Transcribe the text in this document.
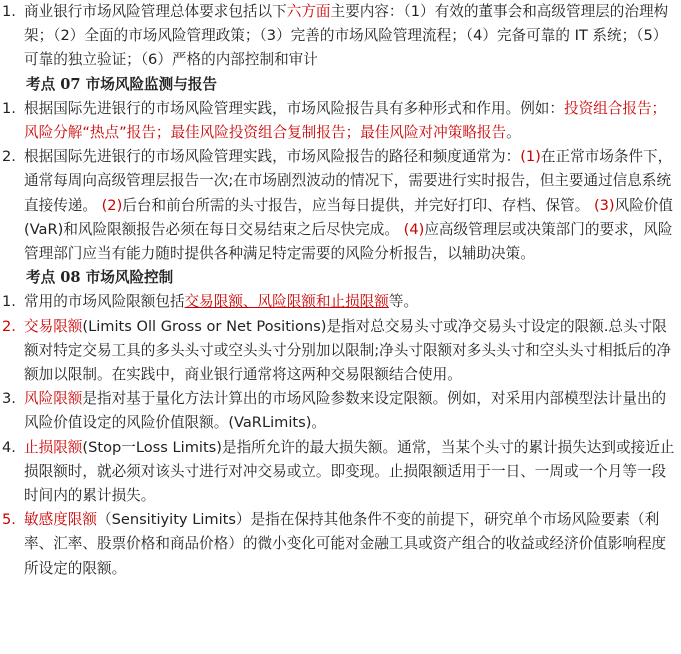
1. 商业银行市场风险管理总体要求包括以下六方面主要内容：（1）有效的董事会和高级管理层的治理构架；（2）全面的市场风险管理政策；（3）完善的市场风险管理流程；（4）完备可靠的 IT 系统；（5）可靠的独立验证；（6）严格的内部控制和审计

考点 07 市场风险监测与报告
1. 根据国际先进银行的市场风险管理实践，市场风险报告具有多种形式和作用。例如：投资组合报告；风险分解“热点”报告；最佳风险投资组合复制报告；最佳风险对冲策略报告。

2. 根据国际先进银行的市场风险管理实践，市场风险报告的路径和频度通常为：(1)在正常市场条件下，通常每周向高级管理层报告一次;在市场剧烈波动的情况下，需要进行实时报告，但主要通过信息系统直接传递。 (2)后台和前台所需的头寸报告，应当每日提供，并完好打印、存档、保管。 (3)风险价值(VaR)和风险限额报告必须在每日交易结束之后尽快完成。 (4)应高级管理层或决策部门的要求，风险管理部门应当有能力随时提供各种满足特定需要的风险分析报告，以辅助决策。

考点 08 市场风险控制
1. 常用的市场风险限额包括交易限额、风险限额和止损限额等。

2. 交易限额(Limits Oll Gross or Net Positions)是指对总交易头寸或净交易头寸设定的限额.总头寸限额对特定交易工具的多头头寸或空头头寸分别加以限制;净头寸限额对多头头寸和空头头寸相抵后的净额加以限制。在实践中，商业银行通常将这两种交易限额结合使用。

3. 风险限额是指对基于量化方法计算出的市场风险参数来设定限额。例如，对采用内部模型法计量出的风险价值设定的风险价值限额。(VaRLimits)。

4. 止损限额(Stop一Loss Limits)是指所允许的最大损失额。通常，当某个头寸的累计损失达到或接近止损限额时，就必须对该头寸进行对冲交易或立。即变现。止损限额适用于一日、一周或一个月等一段时间内的累计损失。

5. 敏感度限额（Sensitiyity Limits）是指在保持其他条件不变的前提下，研究单个市场风险要素（利率、汇率、股票价格和商品价格）的微小变化可能对金融工具或资产组合的收益或经济价值影响程度所设定的限额。
